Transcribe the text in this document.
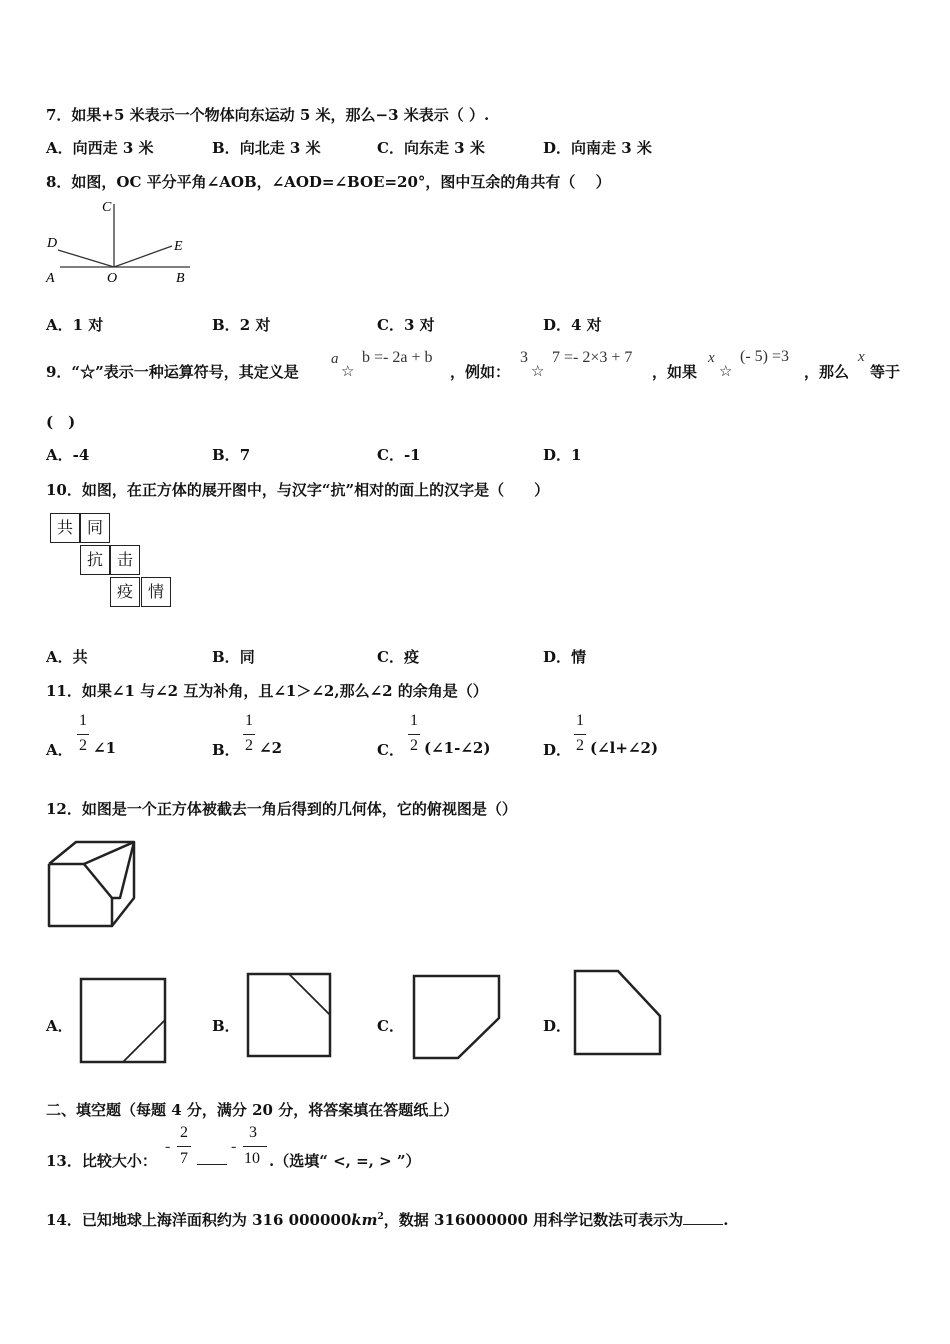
7．如果+5 米表示一个物体向东运动 5 米，那么−3 米表示（ ）.
A．向西走 3 米	B．向北走 3 米	C．向东走 3 米	D．向南走 3 米
8．如图，OC 平分平角∠AOB，∠AOD=∠BOE=20°，图中互余的角共有（　 ）
C
D	E
A	O	B
A．1 对	B．2 对	C．3 对	D．4 对
9．“☆”表示一种运算符号，其定义是
a
☆
b =- 2a + b
，例如：
3
☆
7 =- 2×3 + 7
，如果
x
☆
(- 5) =3
，那么
x
等于
(　)
A．-4	B．7	C．-1	D．1
10．如图，在正方体的展开图中，与汉字“抗”相对的面上的汉字是（　　）
共 同
抗 击
疫 情
A．共	B．同	C．疫	D．情
11．如果∠1 与∠2 互为补角，且∠1＞∠2,那么∠2 的余角是（）
A．
1
2 ∠1	B．
1
2 ∠2	C．
1
2 (∠1-∠2)	D．
1
2 (∠l+∠2)
12．如图是一个正方体被截去一角后得到的几何体，它的俯视图是（）
A．	B．	C．	D．
二、填空题（每题 4 分，满分 20 分，将答案填在答题纸上）
13．比较大小：
-
2
7
-
3
10 .（选填“ <, =, > ”）
14．已知地球上海洋面积约为 316 $000000km^2$，数据 316000000 用科学记数法可表示为	.
